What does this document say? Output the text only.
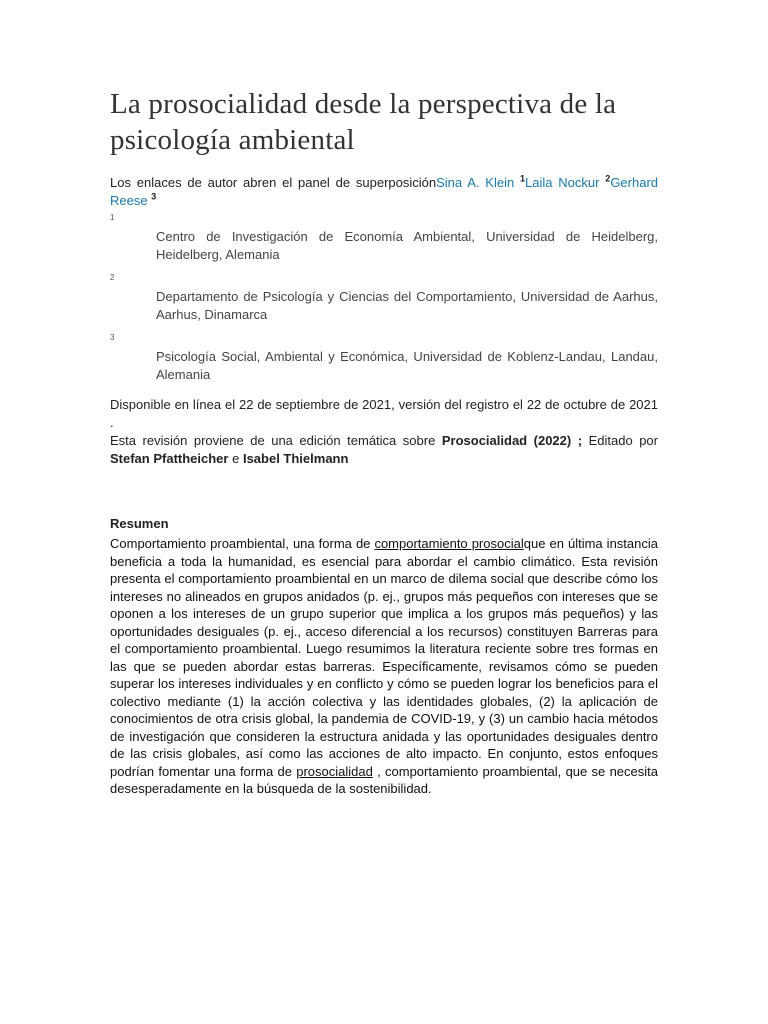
La prosocialidad desde la perspectiva de la psicología ambiental
Los enlaces de autor abren el panel de superposiciónSina A. Klein $^1$Laila Nockur $^2$Gerhard Reese $^3$
1
Centro de Investigación de Economía Ambiental, Universidad de Heidelberg, Heidelberg, Alemania
2
Departamento de Psicología y Ciencias del Comportamiento, Universidad de Aarhus, Aarhus, Dinamarca
3
Psicología Social, Ambiental y Económica, Universidad de Koblenz-Landau, Landau, Alemania
Disponible en línea el 22 de septiembre de 2021, versión del registro el 22 de octubre de 2021 .
Esta revisión proviene de una edición temática sobre Prosocialidad (2022) ; Editado por Stefan Pfattheicher e Isabel Thielmann
Resumen
Comportamiento proambiental, una forma de comportamiento prosocialque en última instancia beneficia a toda la humanidad, es esencial para abordar el cambio climático. Esta revisión presenta el comportamiento proambiental en un marco de dilema social que describe cómo los intereses no alineados en grupos anidados (p. ej., grupos más pequeños con intereses que se oponen a los intereses de un grupo superior que implica a los grupos más pequeños) y las oportunidades desiguales (p. ej., acceso diferencial a los recursos) constituyen Barreras para el comportamiento proambiental. Luego resumimos la literatura reciente sobre tres formas en las que se pueden abordar estas barreras. Específicamente, revisamos cómo se pueden superar los intereses individuales y en conflicto y cómo se pueden lograr los beneficios para el colectivo mediante (1) la acción colectiva y las identidades globales, (2) la aplicación de conocimientos de otra crisis global, la pandemia de COVID-19, y (3) un cambio hacia métodos de investigación que consideren la estructura anidada y las oportunidades desiguales dentro de las crisis globales, así como las acciones de alto impacto. En conjunto, estos enfoques podrían fomentar una forma de prosocialidad , comportamiento proambiental, que se necesita desesperadamente en la búsqueda de la sostenibilidad.
